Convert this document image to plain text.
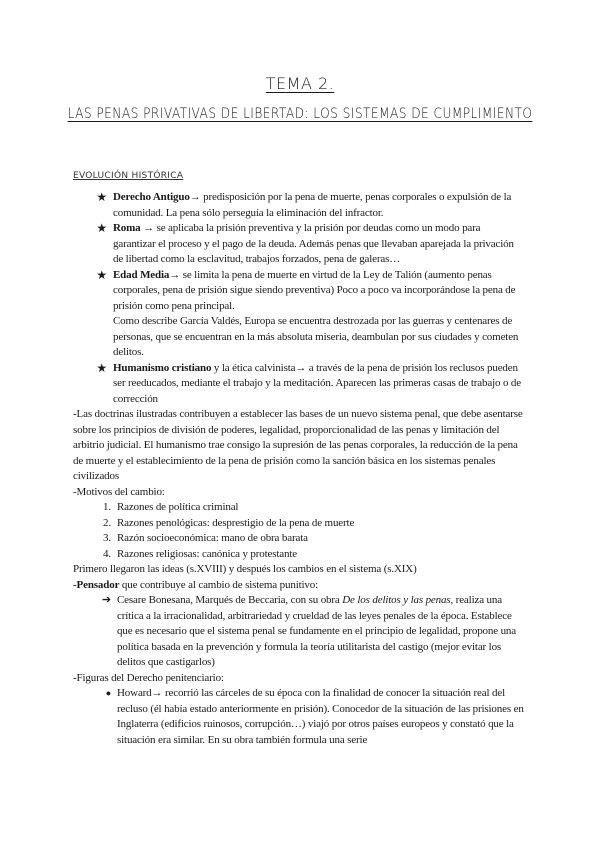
TEMA 2.
LAS PENAS PRIVATIVAS DE LIBERTAD: LOS SISTEMAS DE CUMPLIMIENTO
EVOLUCIÓN HISTÓRICA
★ Derecho Antiguo→ predisposición por la pena de muerte, penas corporales o expulsión de la comunidad. La pena sólo perseguía la eliminación del infractor.
★ Roma → se aplicaba la prisión preventiva y la prisión por deudas como un modo para garantizar el proceso y el pago de la deuda. Además penas que llevaban aparejada la privación de libertad como la esclavitud, trabajos forzados, pena de galeras…
★ Edad Media→ se limita la pena de muerte en virtud de la Ley de Talión (aumento penas corporales, pena de prisión sigue siendo preventiva) Poco a poco va incorporándose la pena de prisión como pena principal.
Como describe García Valdés, Europa se encuentra destrozada por las guerras y centenares de personas, que se encuentran en la más absoluta miseria, deambulan por sus ciudades y cometen delitos.
★ Humanismo cristiano y la ética calvinista→ a través de la pena de prisión los reclusos pueden ser reeducados, mediante el trabajo y la meditación. Aparecen las primeras casas de trabajo o de corrección

-Las doctrinas ilustradas contribuyen a establecer las bases de un nuevo sistema penal, que debe asentarse sobre los principios de división de poderes, legalidad, proporcionalidad de las penas y limitación del arbitrio judicial. El humanismo trae consigo la supresión de las penas corporales, la reducción de la pena de muerte y el establecimiento de la pena de prisión como la sanción básica en los sistemas penales civilizados

-Motivos del cambio:
1. Razones de política criminal
2. Razones penológicas: desprestigio de la pena de muerte
3. Razón socioeconómica: mano de obra barata
4. Razones religiosas: canónica y protestante
Primero llegaron las ideas (s.XVIII) y después los cambios en el sistema (s.XIX)
-Pensador que contribuye al cambio de sistema punitivo:
➔ Cesare Bonesana, Marqués de Beccaria, con su obra De los delitos y las penas, realiza una crítica a la irracionalidad, arbitrariedad y crueldad de las leyes penales de la época. Establece que es necesario que el sistema penal se fundamente en el principio de legalidad, propone una política basada en la prevención y formula la teoría utilitarista del castigo (mejor evitar los delitos que castigarlos)
-Figuras del Derecho penitenciario:
● Howard→ recorrió las cárceles de su época con la finalidad de conocer la situación real del recluso (él había estado anteriormente en prisión). Conocedor de la situación de las prisiones en Inglaterra (edificios ruinosos, corrupción…) viajó por otros países europeos y constató que la situación era similar. En su obra también formula una serie
